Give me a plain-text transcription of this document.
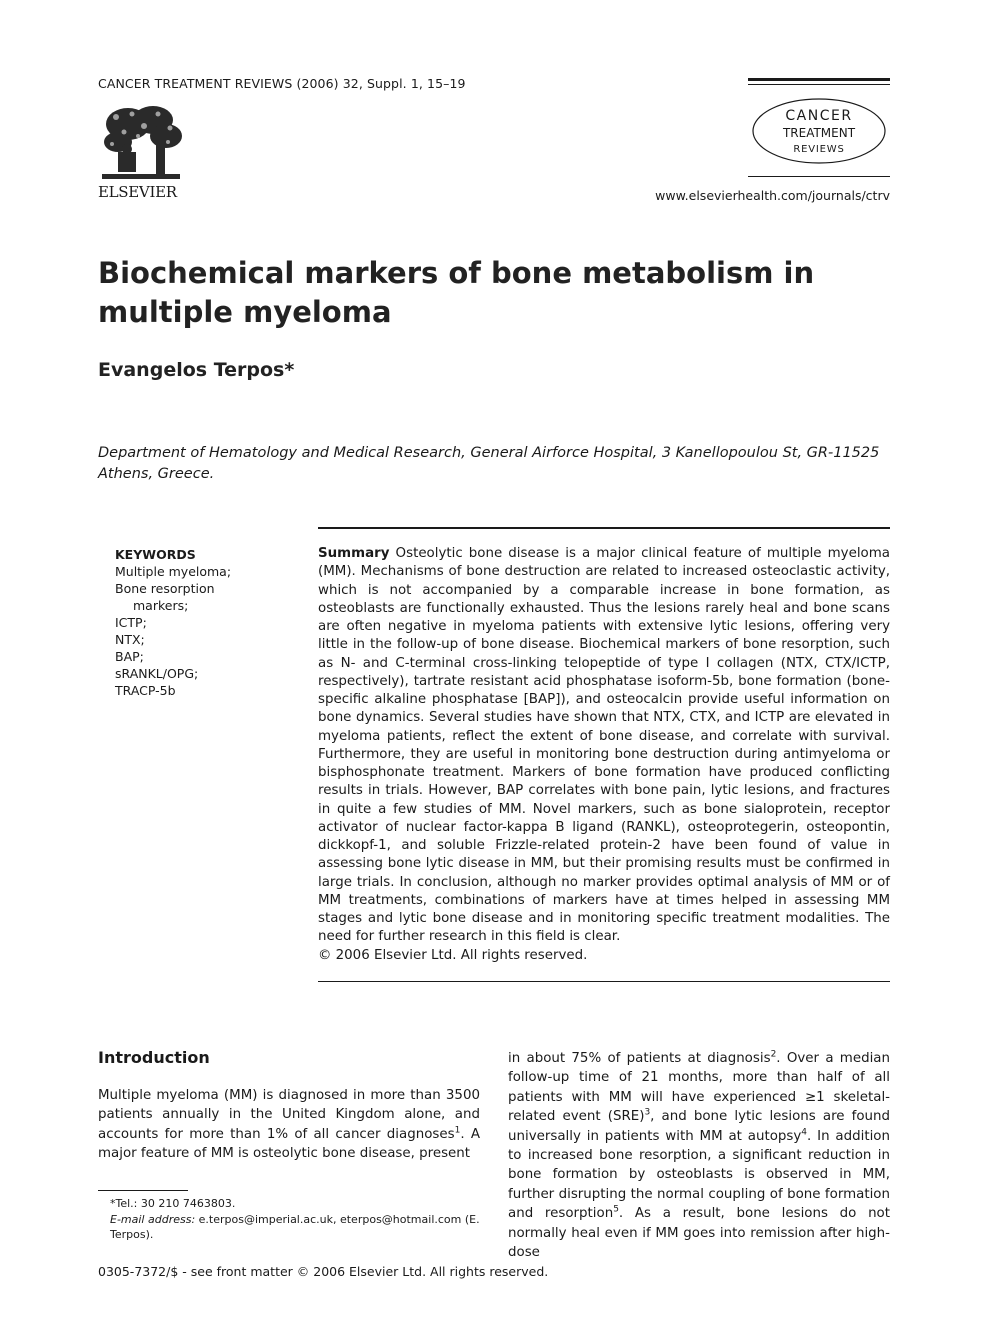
CANCER TREATMENT REVIEWS (2006) 32, Suppl. 1, 15–19
ELSEVIER
CANCER
TREATMENT
REVIEWS
www.elsevierhealth.com/journals/ctrv
Biochemical markers of bone metabolism in multiple myeloma
Evangelos Terpos*
Department of Hematology and Medical Research, General Airforce Hospital, 3 Kanellopoulou St, GR-11525 Athens, Greece.
KEYWORDS
Multiple myeloma;
Bone resorption
markers;
ICTP;
NTX;
BAP;
sRANKL/OPG;
TRACP-5b
Summary Osteolytic bone disease is a major clinical feature of multiple myeloma (MM). Mechanisms of bone destruction are related to increased osteoclastic activity, which is not accompanied by a comparable increase in bone formation, as osteoblasts are functionally exhausted. Thus the lesions rarely heal and bone scans are often negative in myeloma patients with extensive lytic lesions, offering very little in the follow-up of bone disease. Biochemical markers of bone resorption, such as N- and C-terminal cross-linking telopeptide of type I collagen (NTX, CTX/ICTP, respectively), tartrate resistant acid phosphatase isoform-5b, bone formation (bone-specific alkaline phosphatase [BAP]), and osteocalcin provide useful information on bone dynamics. Several studies have shown that NTX, CTX, and ICTP are elevated in myeloma patients, reflect the extent of bone disease, and correlate with survival. Furthermore, they are useful in monitoring bone destruction during antimyeloma or bisphosphonate treatment. Markers of bone formation have produced conflicting results in trials. However, BAP correlates with bone pain, lytic lesions, and fractures in quite a few studies of MM. Novel markers, such as bone sialoprotein, receptor activator of nuclear factor-kappa B ligand (RANKL), osteoprotegerin, osteopontin, dickkopf-1, and soluble Frizzle-related protein-2 have been found of value in assessing bone lytic disease in MM, but their promising results must be confirmed in large trials. In conclusion, although no marker provides optimal analysis of MM or of MM treatments, combinations of markers have at times helped in assessing MM stages and lytic bone disease and in monitoring specific treatment modalities. The need for further research in this field is clear.
© 2006 Elsevier Ltd. All rights reserved.
Introduction
Multiple myeloma (MM) is diagnosed in more than 3500 patients annually in the United Kingdom alone, and accounts for more than 1% of all cancer diagnoses$^1$. A major feature of MM is osteolytic bone disease, present
in about 75% of patients at diagnosis$^2$. Over a median follow-up time of 21 months, more than half of all patients with MM will have experienced ≥1 skeletal-related event (SRE)$^3$, and bone lytic lesions are found universally in patients with MM at autopsy$^4$. In addition to increased bone resorption, a significant reduction in bone formation by osteoblasts is observed in MM, further disrupting the normal coupling of bone formation and resorption$^5$. As a result, bone lesions do not normally heal even if MM goes into remission after high-dose
*Tel.: 30 210 7463803.
E-mail address: e.terpos@imperial.ac.uk, eterpos@hotmail.com (E. Terpos).
0305-7372/$ - see front matter © 2006 Elsevier Ltd. All rights reserved.
